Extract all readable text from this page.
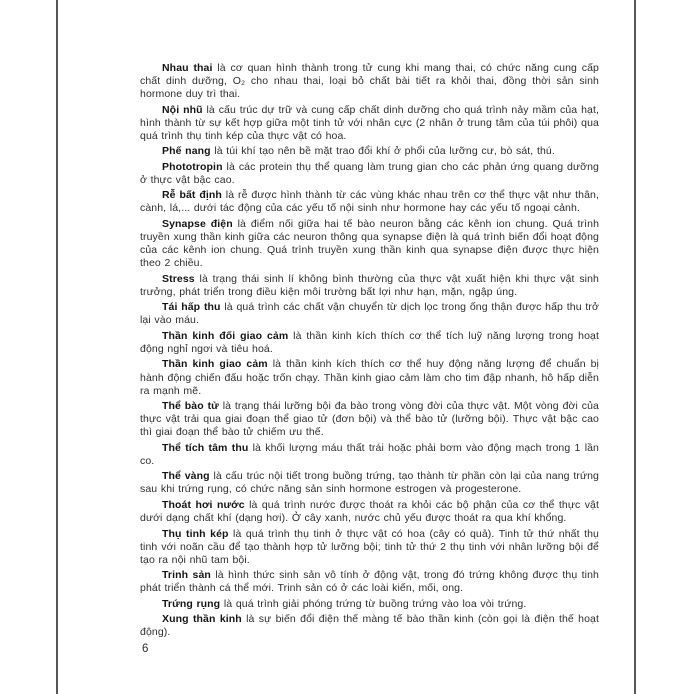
Nhau thai là cơ quan hình thành trong tử cung khi mang thai, có chức năng cung cấp chất dinh dưỡng, O₂ cho nhau thai, loại bỏ chất bài tiết ra khỏi thai, đồng thời sản sinh hormone duy trì thai.

Nội nhũ là cấu trúc dự trữ và cung cấp chất dinh dưỡng cho quá trình nảy mầm của hạt, hình thành từ sự kết hợp giữa một tinh tử với nhân cực (2 nhân ở trung tâm của túi phôi) qua quá trình thụ tinh kép của thực vật có hoa.

Phế nang là túi khí tạo nên bề mặt trao đổi khí ở phổi của lưỡng cư, bò sát, thú.

Phototropin là các protein thụ thể quang làm trung gian cho các phản ứng quang dưỡng ở thực vật bậc cao.

Rễ bất định là rễ được hình thành từ các vùng khác nhau trên cơ thể thực vật như thân, cành, lá,... dưới tác động của các yếu tố nội sinh như hormone hay các yếu tố ngoại cảnh.

Synapse điện là điểm nối giữa hai tế bào neuron bằng các kênh ion chung. Quá trình truyền xung thần kinh giữa các neuron thông qua synapse điện là quá trình biến đổi hoạt động của các kênh ion chung. Quá trình truyền xung thần kinh qua synapse điện được thực hiện theo 2 chiều.

Stress là trạng thái sinh lí không bình thường của thực vật xuất hiện khi thực vật sinh trưởng, phát triển trong điều kiện môi trường bất lợi như hạn, mặn, ngập úng.

Tái hấp thu là quá trình các chất vận chuyển từ dịch lọc trong ống thận được hấp thu trở lại vào máu.

Thần kinh đối giao cảm là thần kinh kích thích cơ thể tích luỹ năng lượng trong hoạt động nghỉ ngơi và tiêu hoá.

Thần kinh giao cảm là thần kinh kích thích cơ thể huy động năng lượng để chuẩn bị hành động chiến đấu hoặc trốn chạy. Thần kinh giao cảm làm cho tim đập nhanh, hô hấp diễn ra mạnh mẽ.

Thể bào tử là trạng thái lưỡng bội đa bào trong vòng đời của thực vật. Một vòng đời của thực vật trải qua giai đoạn thể giao tử (đơn bội) và thể bào tử (lưỡng bội). Thực vật bậc cao thì giai đoạn thể bào tử chiếm ưu thế.

Thể tích tâm thu là khối lượng máu thất trái hoặc phải bơm vào động mạch trong 1 lần co.

Thể vàng là cấu trúc nội tiết trong buồng trứng, tạo thành từ phần còn lại của nang trứng sau khi trứng rụng, có chức năng sản sinh hormone estrogen và progesterone.

Thoát hơi nước là quá trình nước được thoát ra khỏi các bộ phận của cơ thể thực vật dưới dạng chất khí (dạng hơi). Ở cây xanh, nước chủ yếu được thoát ra qua khí khổng.

Thụ tinh kép là quá trình thụ tinh ở thực vật có hoa (cây có quả). Tinh tử thứ nhất thụ tinh với noãn cầu để tạo thành hợp tử lưỡng bội; tinh tử thứ 2 thụ tinh với nhân lưỡng bội để tạo ra nội nhũ tam bội.

Trinh sản là hình thức sinh sản vô tính ở động vật, trong đó trứng không được thụ tinh phát triển thành cá thể mới. Trinh sản có ở các loài kiến, mối, ong.

Trứng rụng là quá trình giải phóng trứng từ buồng trứng vào loa vòi trứng.

Xung thần kinh là sự biến đổi điện thế màng tế bào thần kinh (còn gọi là điện thế hoạt động).

6
